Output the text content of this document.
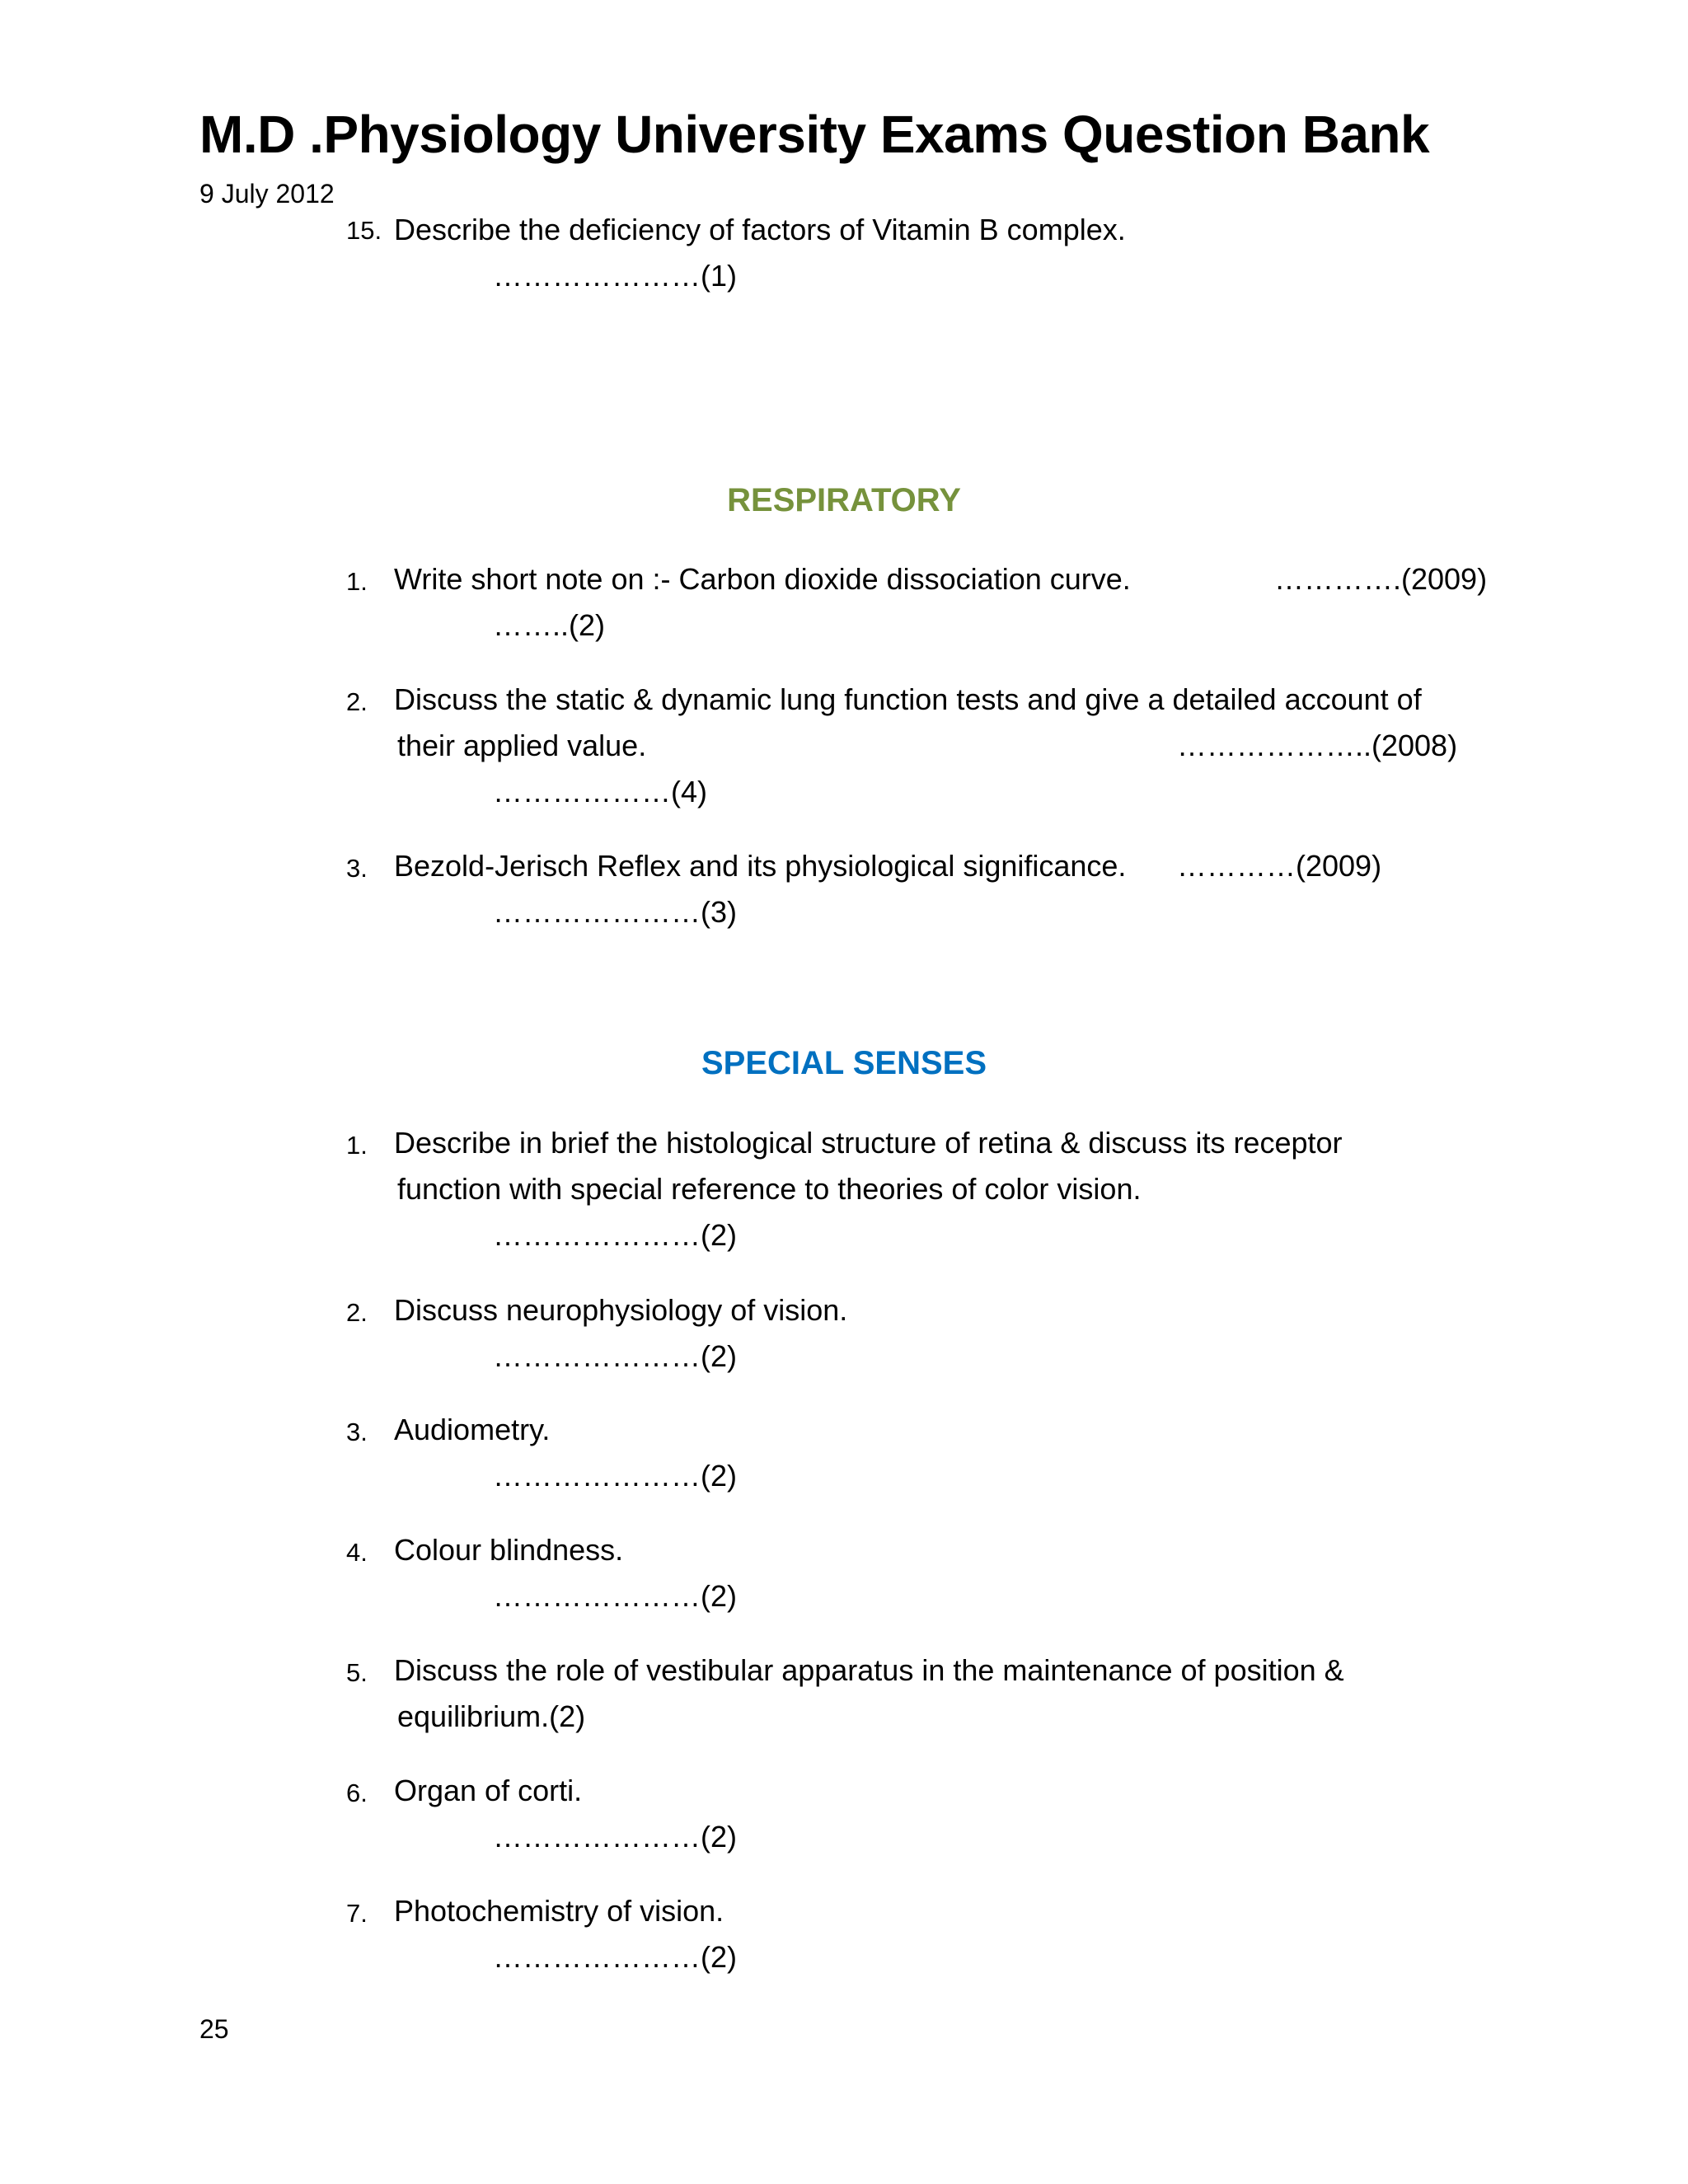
M.D .Physiology University Exams Question Bank
9 July 2012
15. Describe the deficiency of factors of Vitamin B complex.
…………………(1)
RESPIRATORY
1. Write short note on :- Carbon dioxide dissociation curve.	………….(2009)
……..(2)
2. Discuss the static & dynamic lung function tests and give a detailed account of
their applied value.	………………..(2008)
………………(4)
3. Bezold-Jerisch Reflex and its physiological significance. …………(2009)
…………………(3)
SPECIAL SENSES
1. Describe in brief the histological structure of retina & discuss its receptor
function with special reference to theories of color vision.
…………………(2)
2. Discuss neurophysiology of vision.
…………………(2)
3. Audiometry.
…………………(2)
4. Colour blindness.
…………………(2)
5. Discuss the role of vestibular apparatus in the maintenance of position &
equilibrium.(2)
6. Organ of corti.
…………………(2)
7. Photochemistry of vision.
…………………(2)
25
